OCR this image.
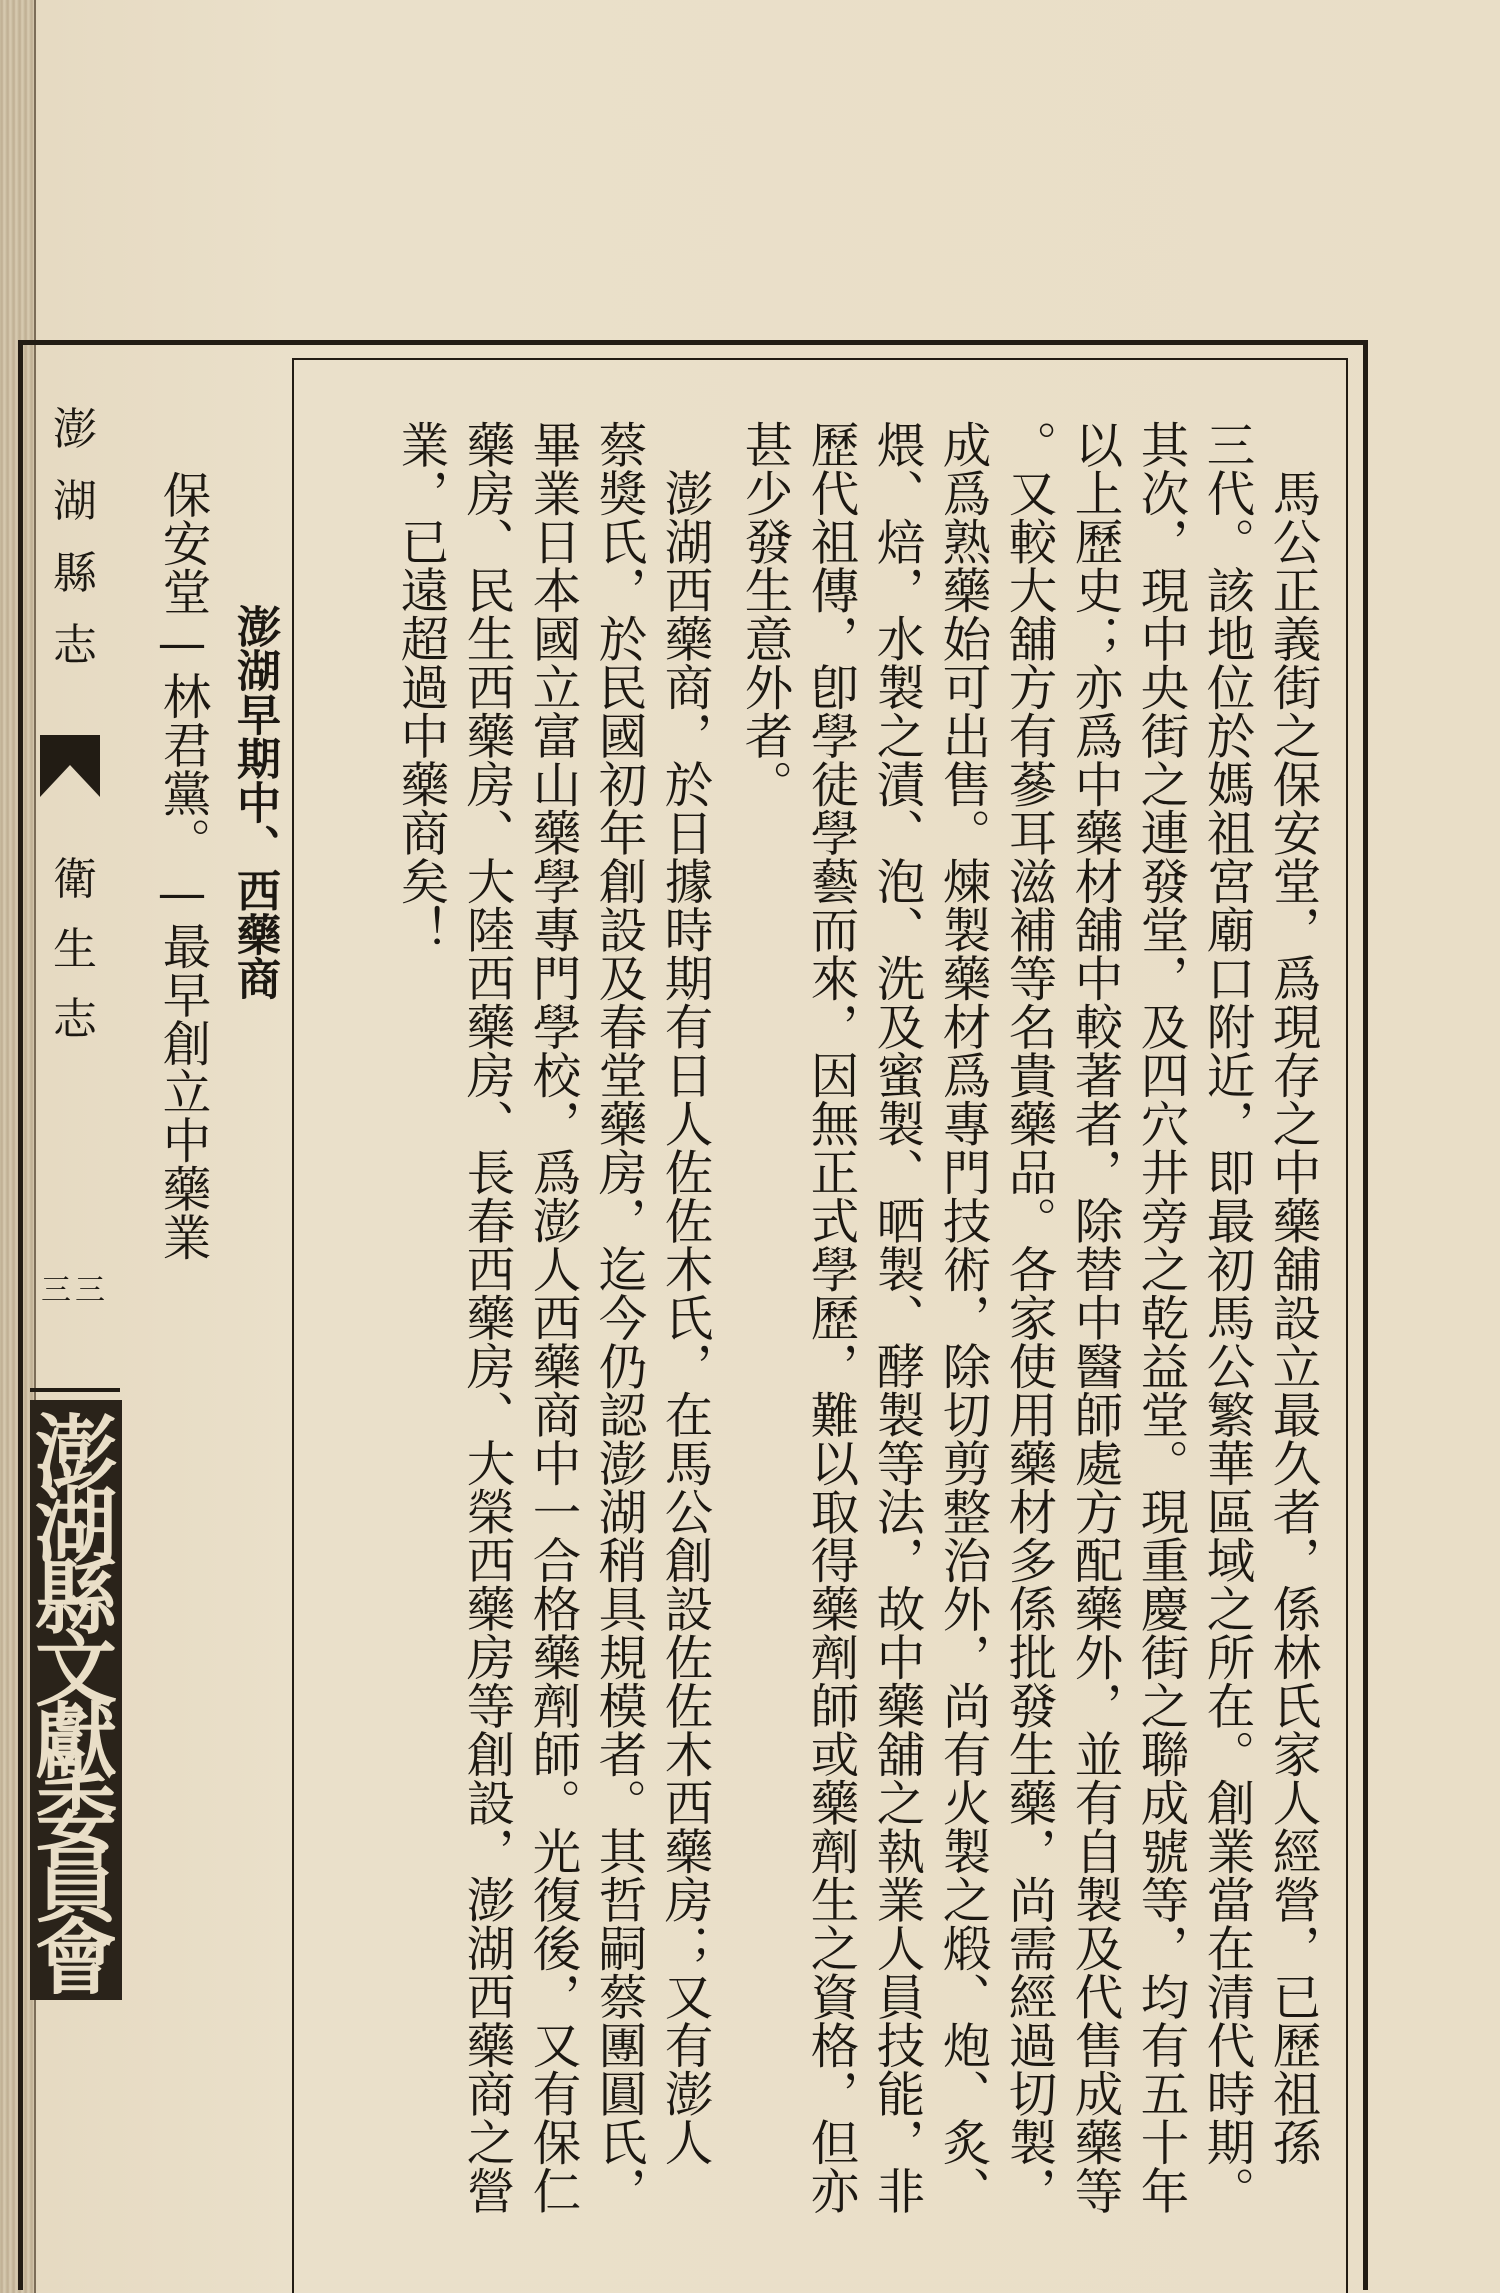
澎
湖
縣
志
衛
生
志
三三
澎
湖
縣
文
獻
委
員
會	　馬公正義街之保安堂，爲現存之中藥舖設立最久者，係林氏家人經營，已歷祖孫
三代。該地位於媽祖宮廟口附近，即最初馬公繁華區域之所在。創業當在清代時期。
其次，現中央街之連發堂，及四穴井旁之乾益堂。現重慶街之聯成號等，均有五十年
以上歷史；亦爲中藥材舖中較著者，除替中醫師處方配藥外，並有自製及代售成藥等
。又較大舖方有蔘耳滋補等名貴藥品。各家使用藥材多係批發生藥，尚需經過切製，
成爲熟藥始可出售。煉製藥材爲專門技術，除切剪整治外，尚有火製之煅、炮、炙、
煨、焙，水製之漬、泡、洗及蜜製、晒製、酵製等法，故中藥舖之執業人員技能，非
歷代祖傳，卽學徒學藝而來，因無正式學歷，難以取得藥劑師或藥劑生之資格，但亦
甚少發生意外者。
　澎湖西藥商，於日據時期有日人佐佐木氏，在馬公創設佐佐木西藥房；又有澎人
蔡獎氏，於民國初年創設及春堂藥房，迄今仍認澎湖稍具規模者。其哲嗣蔡團圓氏，
畢業日本國立富山藥學專門學校，爲澎人西藥商中一合格藥劑師。光復後，又有保仁
藥房、民生西藥房、大陸西藥房、長春西藥房、大榮西藥房等創設，澎湖西藥商之營
業，已遠超過中藥商矣！
　澎湖早期中、西藥商
保安堂—林君黨。—最早創立中藥業
